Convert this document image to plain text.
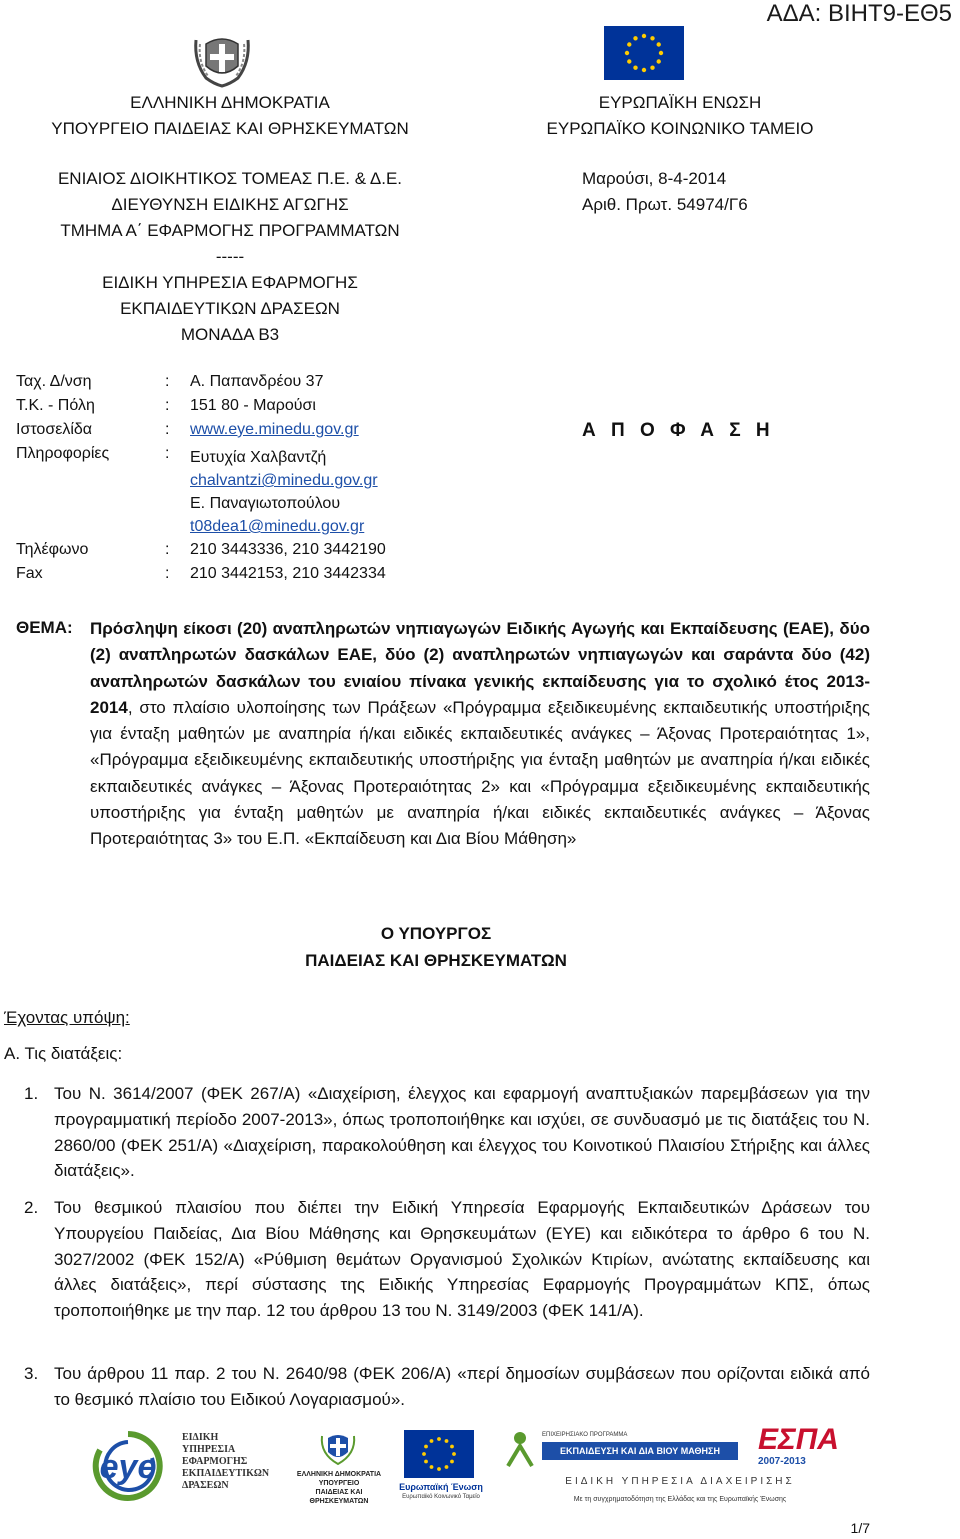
ΑΔΑ: ΒΙΗΤ9-ΕΘ5
ΕΛΛΗΝΙΚΗ ΔΗΜΟΚΡΑΤΙΑ
ΥΠΟΥΡΓΕΙΟ ΠΑΙΔΕΙΑΣ ΚΑΙ ΘΡΗΣΚΕΥΜΑΤΩΝ
ΕΝΙΑΙΟΣ ΔΙΟΙΚΗΤΙΚΟΣ ΤΟΜΕΑΣ Π.Ε. & Δ.Ε.
ΔΙΕΥΘΥΝΣΗ ΕΙΔΙΚΗΣ ΑΓΩΓΗΣ
ΤΜΗΜΑ Α΄ ΕΦΑΡΜΟΓΗΣ ΠΡΟΓΡΑΜΜΑΤΩΝ
-----
ΕΙΔΙΚΗ ΥΠΗΡΕΣΙΑ ΕΦΑΡΜΟΓΗΣ
ΕΚΠΑΙΔΕΥΤΙΚΩΝ ΔΡΑΣΕΩΝ
ΜΟΝΑΔΑ Β3
ΕΥΡΩΠΑΪΚΗ ΕΝΩΣΗ
ΕΥΡΩΠΑΪΚΟ ΚΟΙΝΩΝΙΚΟ ΤΑΜΕΙΟ
Μαρούσι, 8-4-2014
Αριθ. Πρωτ. 54974/Γ6
Ταχ. Δ/νση	: Α. Παπανδρέου 37
Τ.Κ. - Πόλη	: 151 80 - Μαρούσι
Ιστοσελίδα	: www.eye.minedu.gov.gr
Πληροφορίες	: Ευτυχία Χαλβαντζή
chalvantzi@minedu.gov.gr
Ε. Παναγιωτοπούλου
t08dea1@minedu.gov.gr
Τηλέφωνο	: 210 3443336, 210 3442190
Fax	: 210 3442153, 210 3442334
Α Π Ο Φ Α Σ Η
ΘΕΜΑ: Πρόσληψη είκοσι (20) αναπληρωτών νηπιαγωγών Ειδικής Αγωγής και Εκπαίδευσης (ΕΑΕ), δύο (2) αναπληρωτών δασκάλων ΕΑΕ, δύο (2) αναπληρωτών νηπιαγωγών και σαράντα δύο (42) αναπληρωτών δασκάλων του ενιαίου πίνακα γενικής εκπαίδευσης για το σχολικό έτος 2013-2014, στο πλαίσιο υλοποίησης των Πράξεων «Πρόγραμμα εξειδικευμένης εκπαιδευτικής υποστήριξης για ένταξη μαθητών με αναπηρία ή/και ειδικές εκπαιδευτικές ανάγκες – Άξονας Προτεραιότητας 1», «Πρόγραμμα εξειδικευμένης εκπαιδευτικής υποστήριξης για ένταξη μαθητών με αναπηρία ή/και ειδικές εκπαιδευτικές ανάγκες – Άξονας Προτεραιότητας 2» και «Πρόγραμμα εξειδικευμένης εκπαιδευτικής υποστήριξης για ένταξη μαθητών με αναπηρία ή/και ειδικές εκπαιδευτικές ανάγκες – Άξονας Προτεραιότητας 3» του Ε.Π. «Εκπαίδευση και Δια Βίου Μάθηση»
Ο ΥΠΟΥΡΓΟΣ
ΠΑΙΔΕΙΑΣ ΚΑΙ ΘΡΗΣΚΕΥΜΑΤΩΝ
Έχοντας υπόψη:
Α. Τις διατάξεις:
1. Του Ν. 3614/2007 (ΦΕΚ 267/Α) «Διαχείριση, έλεγχος και εφαρμογή αναπτυξιακών παρεμβάσεων για την προγραμματική περίοδο 2007-2013», όπως τροποποιήθηκε και ισχύει, σε συνδυασμό με τις διατάξεις του Ν. 2860/00 (ΦΕΚ 251/Α) «Διαχείριση, παρακολούθηση και έλεγχος του Κοινοτικού Πλαισίου Στήριξης και άλλες διατάξεις».
2. Του θεσμικού πλαισίου που διέπει την Ειδική Υπηρεσία Εφαρμογής Εκπαιδευτικών Δράσεων του Υπουργείου Παιδείας, Δια Βίου Μάθησης και Θρησκευμάτων (ΕΥΕ) και ειδικότερα το άρθρο 6 του Ν. 3027/2002 (ΦΕΚ 152/Α) «Ρύθμιση θεμάτων Οργανισμού Σχολικών Κτιρίων, ανώτατης εκπαίδευσης και άλλες διατάξεις», περί σύστασης της Ειδικής Υπηρεσίας Εφαρμογής Προγραμμάτων ΚΠΣ, όπως τροποποιήθηκε με την παρ. 12 του άρθρου 13 του Ν. 3149/2003 (ΦΕΚ 141/Α).
3. Του άρθρου 11 παρ. 2 του Ν. 2640/98 (ΦΕΚ 206/Α) «περί δημοσίων συμβάσεων που ορίζονται ειδικά από το θεσμικό πλαίσιο του Ειδικού Λογαριασμού».
eye
ΕΙΔΙΚΗ
ΥΠΗΡΕΣΙΑ
ΕΦΑΡΜΟΓΗΣ
ΕΚΠΑΙΔΕΥΤΙΚΩΝ
ΔΡΑΣΕΩΝ
ΕΛΛΗΝΙΚΗ ΔΗΜΟΚΡΑΤΙΑ
ΥΠΟΥΡΓΕΙΟ
ΠΑΙΔΕΙΑΣ ΚΑΙ
ΘΡΗΣΚΕΥΜΑΤΩΝ
Ευρωπαϊκή Ένωση
Ευρωπαϊκό Κοινωνικό Ταμείο
ΕΠΙΧΕΙΡΗΣΙΑΚΟ ΠΡΟΓΡΑΜΜΑ
ΕΚΠΑΙΔΕΥΣΗ ΚΑΙ ΔΙΑ ΒΙΟΥ ΜΑΘΗΣΗ	ΕΣΠΑ
2007-2013
ΕΙΔΙΚΗ ΥΠΗΡΕΣΙΑ ΔΙΑΧΕΙΡΙΣΗΣ
Με τη συγχρηματοδότηση της Ελλάδας και της Ευρωπαϊκής Ένωσης
1/7
